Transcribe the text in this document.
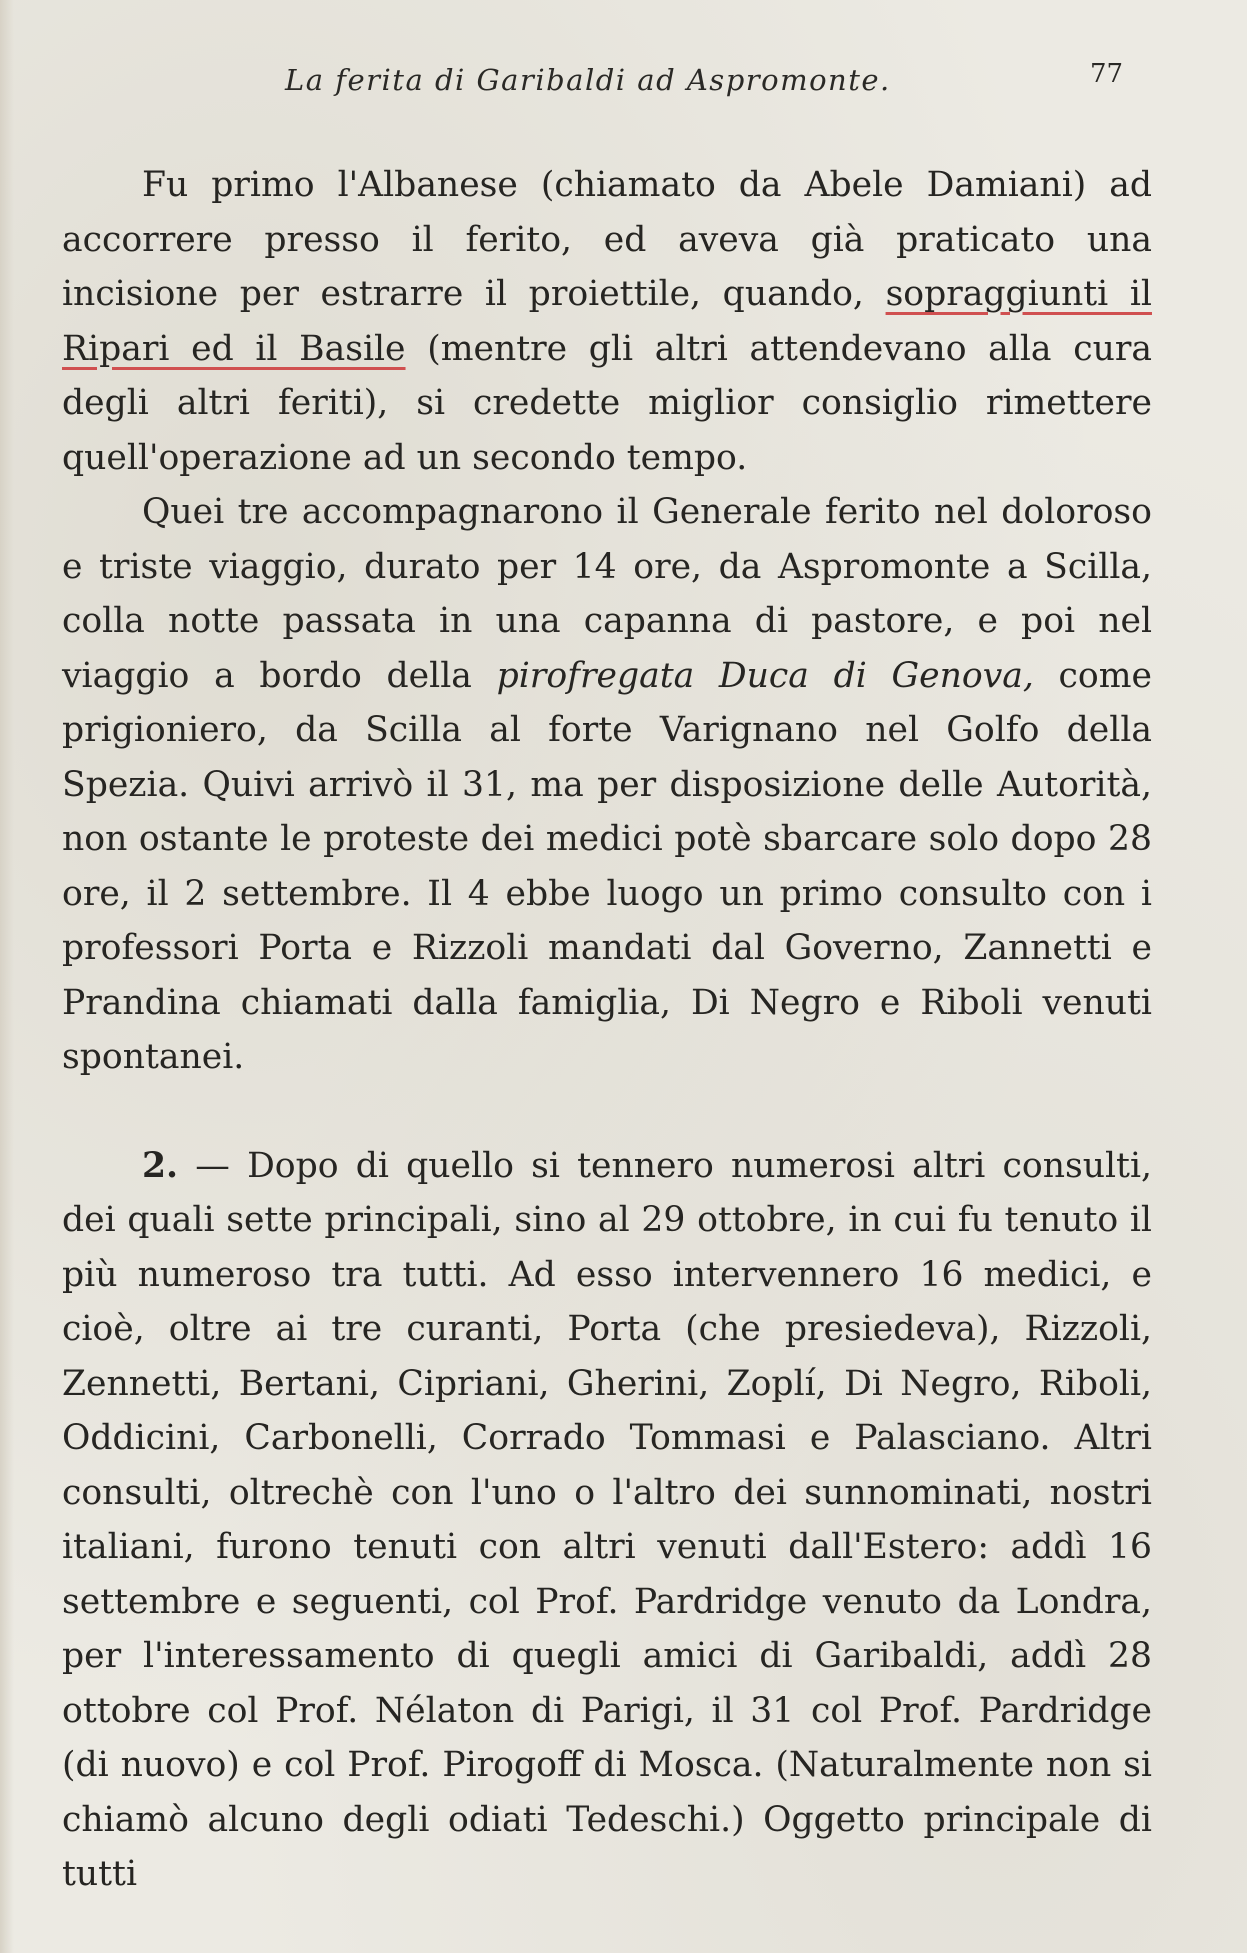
La ferita di Garibaldi ad Aspromonte.	77

Fu primo l'Albanese (chiamato da Abele Damiani) ad accorrere presso il ferito, ed aveva già praticato una incisione per estrarre il proiettile, quando, sopraggiunti il Ripari ed il Basile (mentre gli altri attendevano alla cura degli altri feriti), si credette miglior consiglio rimettere quell'operazione ad un secondo tempo.

Quei tre accompagnarono il Generale ferito nel doloroso e triste viaggio, durato per 14 ore, da Aspromonte a Scilla, colla notte passata in una capanna di pastore, e poi nel viaggio a bordo della pirofregata Duca di Genova, come prigioniero, da Scilla al forte Varignano nel Golfo della Spezia. Quivi arrivò il 31, ma per disposizione delle Autorità, non ostante le proteste dei medici potè sbarcare solo dopo 28 ore, il 2 settembre. Il 4 ebbe luogo un primo consulto con i professori Porta e Rizzoli mandati dal Governo, Zannetti e Prandina chiamati dalla famiglia, Di Negro e Riboli venuti spontanei.

2. — Dopo di quello si tennero numerosi altri consulti, dei quali sette principali, sino al 29 ottobre, in cui fu tenuto il più numeroso tra tutti. Ad esso intervennero 16 medici, e cioè, oltre ai tre curanti, Porta (che presiedeva), Rizzoli, Zennetti, Bertani, Cipriani, Gherini, Zoplí, Di Negro, Riboli, Oddicini, Carbonelli, Corrado Tommasi e Palasciano. Altri consulti, oltrechè con l'uno o l'altro dei sunnominati, nostri italiani, furono tenuti con altri venuti dall'Estero: addì 16 settembre e seguenti, col Prof. Pardridge venuto da Londra, per l'interessamento di quegli amici di Garibaldi, addì 28 ottobre col Prof. Nélaton di Parigi, il 31 col Prof. Pardridge (di nuovo) e col Prof. Pirogoff di Mosca. (Naturalmente non si chiamò alcuno degli odiati Tedeschi.) Oggetto principale di tutti
